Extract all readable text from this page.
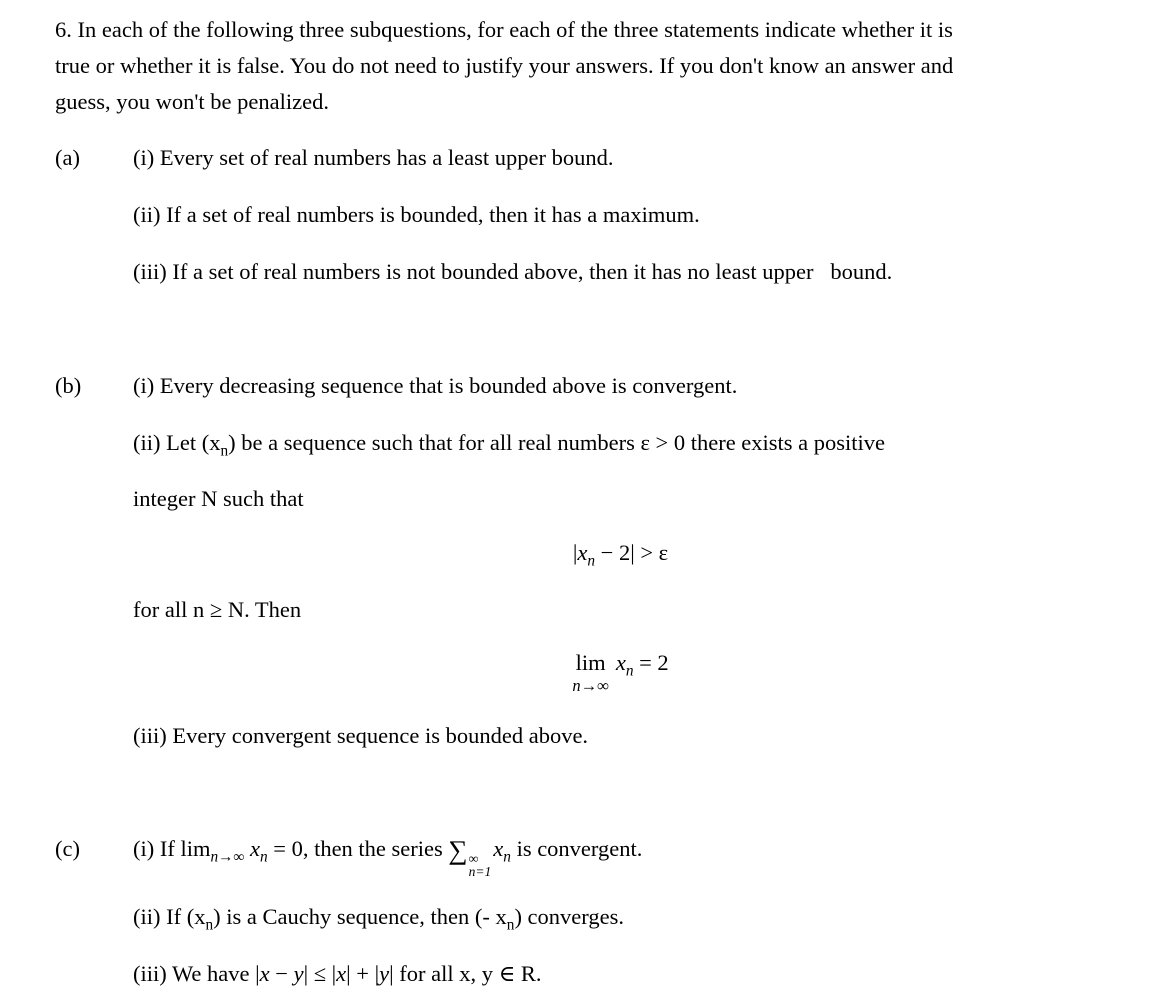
6. In each of the following three subquestions, for each of the three statements indicate whether it is
true or whether it is false. You do not need to justify your answers. If you don't know an answer and
guess, you won't be penalized.
(a)	(i) Every set of real numbers has a least upper bound.
(ii) If a set of real numbers is bounded, then it has a maximum.
(iii) If a set of real numbers is not bounded above, then it has no least upper   bound.
(b)	(i) Every decreasing sequence that is bounded above is convergent.
(ii) Let $(x_n)$ be a sequence such that for all real numbers ε > 0 there exists a positive
integer N such that
$|x_n - 2| > \varepsilon$
for all n ≥ N. Then
lim
n→∞
$x_n = 2$
(iii) Every convergent sequence is bounded above.
(c)	(i) If $\lim_{n\to\infty} x_n = 0$, then the series ∑ ∞
n=1
$x_n$ is convergent.
(ii) If $(x_n)$ is a Cauchy sequence, then (- $x_n$) converges.
(iii) We have |x − y| ≤ |x| + |y| for all x, y ∈ R.
